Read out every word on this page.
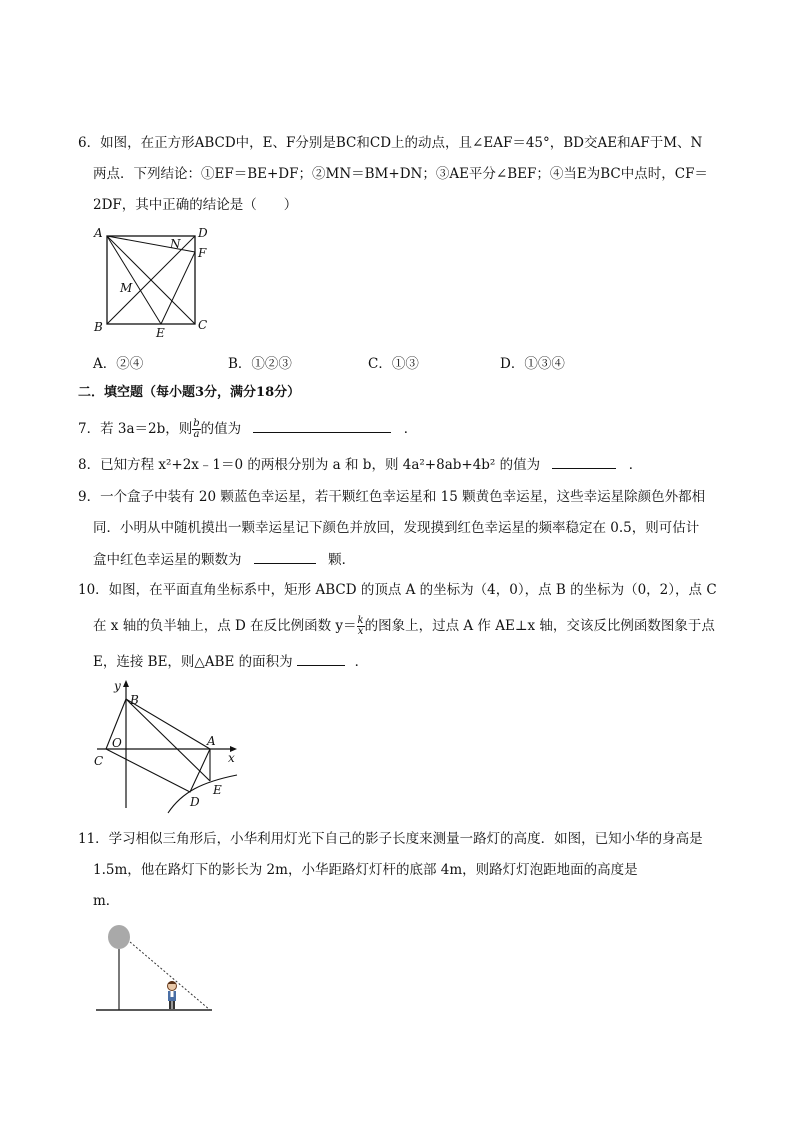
6．如图，在正方形ABCD中，E、F分别是BC和CD上的动点，且∠EAF＝45°，BD交AE和AF于M、N
两点．下列结论：①EF＝BE+DF；②MN＝BM+DN；③AE平分∠BEF；④当E为BC中点时，CF＝
2DF，其中正确的结论是（　　）
A	D
F
N
M
B	E
C
A．②④	B．①②③	C．①③	D．①③④
二．填空题（每小题3分，满分18分）
7．若 3a＝2b，则 $\frac{b}{a}$ 的值为	．
8．已知方程 x²+2x﹣1＝0 的两根分别为 a 和 b，则 4a²+8ab+4b² 的值为	．
9．一个盒子中装有 20 颗蓝色幸运星，若干颗红色幸运星和 15 颗黄色幸运星，这些幸运星除颜色外都相
同．小明从中随机摸出一颗幸运星记下颜色并放回，发现摸到红色幸运星的频率稳定在 0.5，则可估计
盒中红色幸运星的颗数为	颗．
10．如图，在平面直角坐标系中，矩形 ABCD 的顶点 A 的坐标为（4，0），点 B 的坐标为（0，2），点 C
在 x 轴的负半轴上，点 D 在反比例函数 $y= \frac{k}{x}$ 的图象上，过点 A 作 AE⊥x 轴，交该反比例函数图象于点
E，连接 BE，则△ABE 的面积为	．
y
B
O	A
x
C
D
E
11．学习相似三角形后，小华利用灯光下自己的影子长度来测量一路灯的高度．如图，已知小华的身高是
1.5m，他在路灯下的影长为 2m，小华距路灯灯杆的底部 4m，则路灯灯泡距地面的高度是
m．
